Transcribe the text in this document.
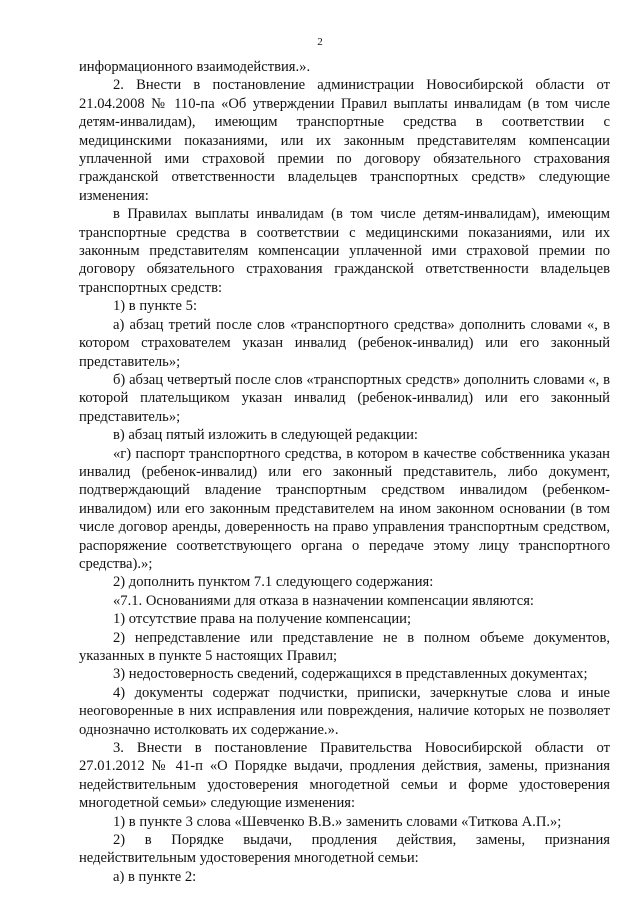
2

информационного взаимодействия.».

2. Внести в постановление администрации Новосибирской области от 21.04.2008 № 110-па «Об утверждении Правил выплаты инвалидам (в том числе детям-инвалидам), имеющим транспортные средства в соответствии с медицинскими показаниями, или их законным представителям компенсации уплаченной ими страховой премии по договору обязательного страхования гражданской ответственности владельцев транспортных средств» следующие изменения:

в Правилах выплаты инвалидам (в том числе детям-инвалидам), имеющим транспортные средства в соответствии с медицинскими показаниями, или их законным представителям компенсации уплаченной ими страховой премии по договору обязательного страхования гражданской ответственности владельцев транспортных средств:

1) в пункте 5:

а) абзац третий после слов «транспортного средства» дополнить словами «, в котором страхователем указан инвалид (ребенок-инвалид) или его законный представитель»;

б) абзац четвертый после слов «транспортных средств» дополнить словами «, в которой плательщиком указан инвалид (ребенок-инвалид) или его законный представитель»;

в) абзац пятый изложить в следующей редакции:

«г) паспорт транспортного средства, в котором в качестве собственника указан инвалид (ребенок-инвалид) или его законный представитель, либо документ, подтверждающий владение транспортным средством инвалидом (ребенком-инвалидом) или его законным представителем на ином законном основании (в том числе договор аренды, доверенность на право управления транспортным средством, распоряжение соответствующего органа о передаче этому лицу транспортного средства).»;

2) дополнить пунктом 7.1 следующего содержания:

«7.1. Основаниями для отказа в назначении компенсации являются:

1) отсутствие права на получение компенсации;

2) непредставление или представление не в полном объеме документов, указанных в пункте 5 настоящих Правил;

3) недостоверность сведений, содержащихся в представленных документах;

4) документы содержат подчистки, приписки, зачеркнутые слова и иные неоговоренные в них исправления или повреждения, наличие которых не позволяет однозначно истолковать их содержание.».

3. Внести в постановление Правительства Новосибирской области от 27.01.2012 № 41-п «О Порядке выдачи, продления действия, замены, признания недействительным удостоверения многодетной семьи и форме удостоверения многодетной семьи» следующие изменения:

1) в пункте 3 слова «Шевченко В.В.» заменить словами «Титкова А.П.»;

2) в Порядке выдачи, продления действия, замены, признания недействительным удостоверения многодетной семьи:

а) в пункте 2:
